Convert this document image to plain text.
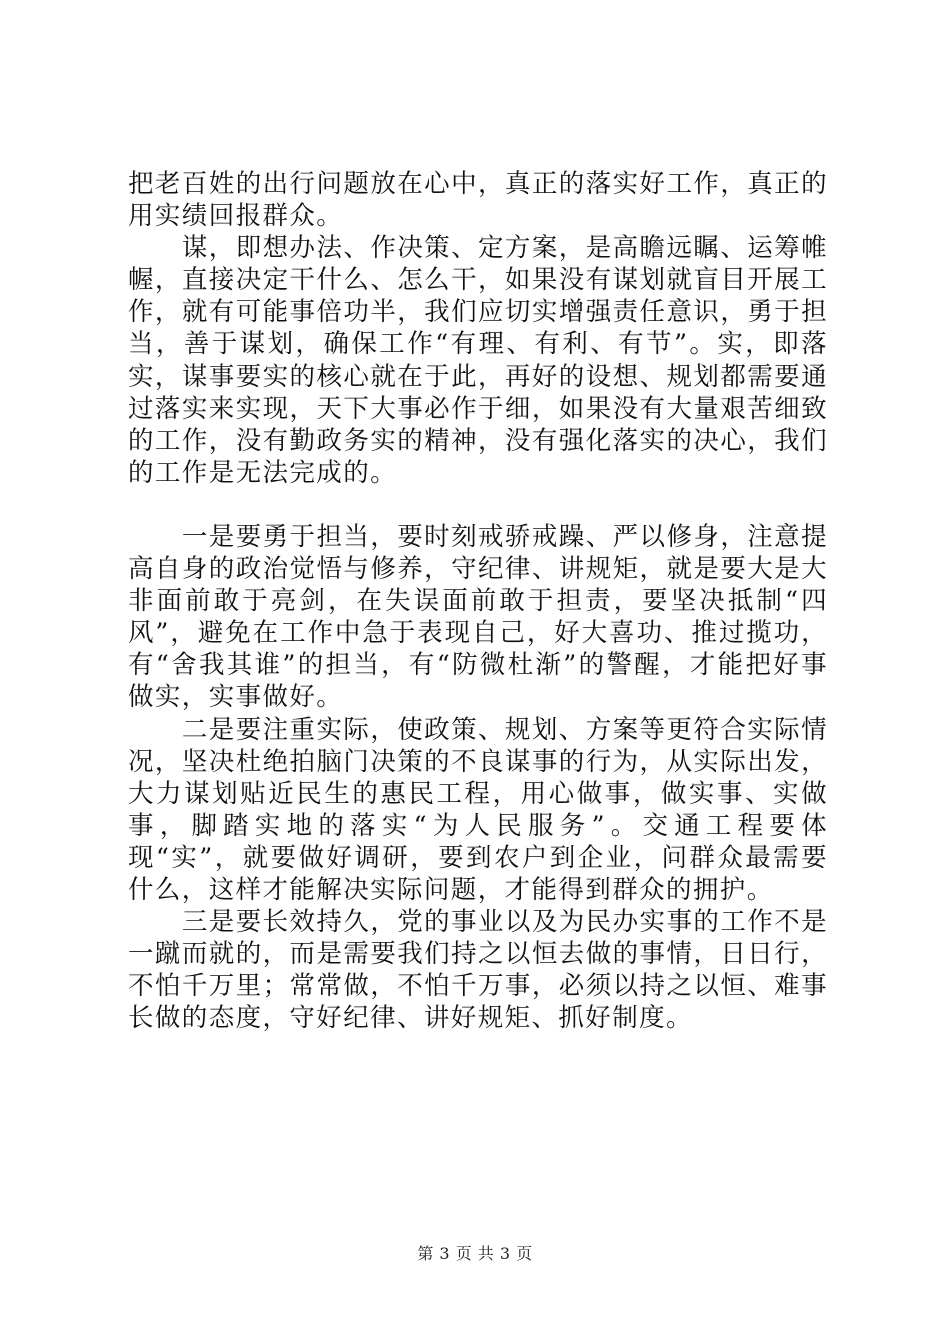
把老百姓的出行问题放在心中，真正的落实好工作，真正的用实绩回报群众。

　　谋，即想办法、作决策、定方案，是高瞻远瞩、运筹帷幄，直接决定干什么、怎么干，如果没有谋划就盲目开展工作，就有可能事倍功半，我们应切实增强责任意识，勇于担当，善于谋划，确保工作“有理、有利、有节”。实，即落实，谋事要实的核心就在于此，再好的设想、规划都需要通过落实来实现，天下大事必作于细，如果没有大量艰苦细致的工作，没有勤政务实的精神，没有强化落实的决心，我们的工作是无法完成的。

　　一是要勇于担当，要时刻戒骄戒躁、严以修身，注意提高自身的政治觉悟与修养，守纪律、讲规矩，就是要大是大非面前敢于亮剑，在失误面前敢于担责，要坚决抵制“四风”，避免在工作中急于表现自己，好大喜功、推过揽功，有“舍我其谁”的担当，有“防微杜渐”的警醒，才能把好事做实，实事做好。

　　二是要注重实际，使政策、规划、方案等更符合实际情况，坚决杜绝拍脑门决策的不良谋事的行为，从实际出发，大力谋划贴近民生的惠民工程，用心做事，做实事、实做事，脚踏实地的落实“为人民服务”。交通工程要体现“实”，就要做好调研，要到农户到企业，问群众最需要什么，这样才能解决实际问题，才能得到群众的拥护。

　　三是要长效持久，党的事业以及为民办实事的工作不是一蹴而就的，而是需要我们持之以恒去做的事情，日日行，不怕千万里；常常做，不怕千万事，必须以持之以恒、难事长做的态度，守好纪律、讲好规矩、抓好制度。

第 3 页 共 3 页
